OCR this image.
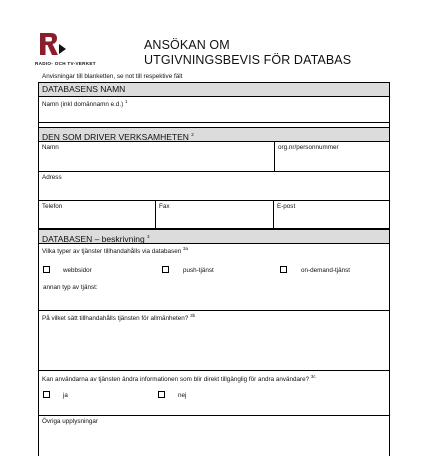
RADIO- OCH TV-VERKET
ANSÖKAN OM
UTGIVNINGSBEVIS FÖR DATABAS
Anvisningar till blanketten, se not till respektive fält
DATABASENS NAMN
Namn (inkl domännamn e.d.) $^1$
DEN SOM DRIVER VERKSAMHETEN $^2$
Namn	org.nr/personnummer
Adress
Telefon	Fax	E-post
DATABASEN – beskrivning $^3$
Vilka typer av tjänster tillhandahålls via databasen $^{3a}$
webbsidor	push-tjänst	on-demand-tjänst
annan typ av tjänst:
På vilket sätt tillhandahålls tjänsten för allmänheten? $^{3b}$
Kan användarna av tjänsten ändra informationen som blir direkt tillgänglig för andra användare? $^{3c}$
ja	nej
Övriga upplysningar
